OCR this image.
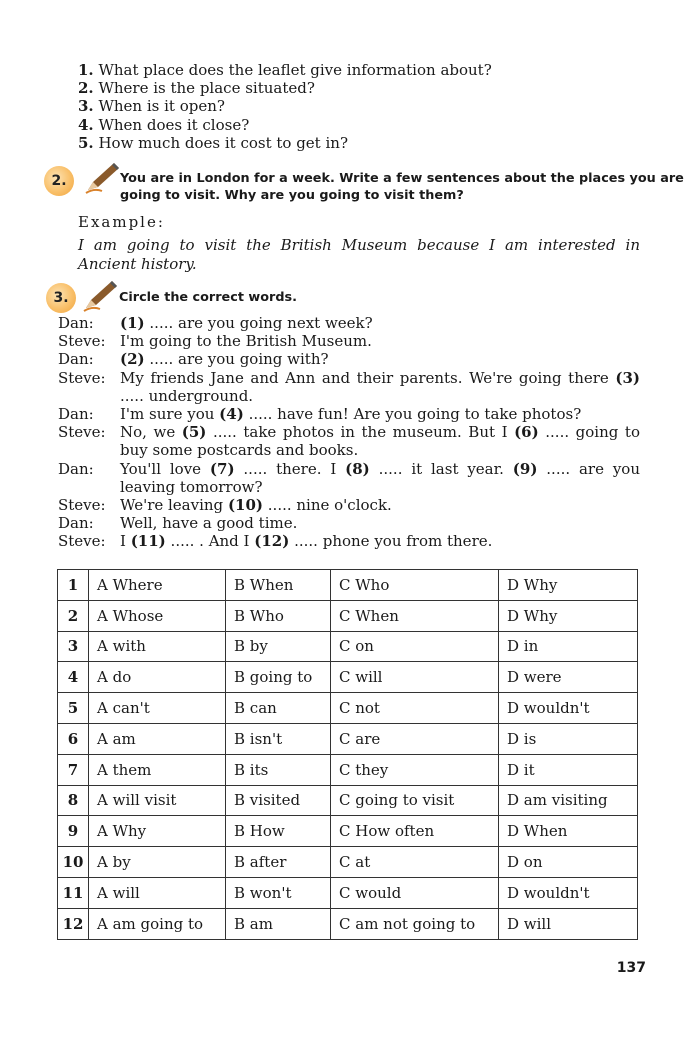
1. What place does the leaflet give information about?
2. Where is the place situated?
3. When is it open?
4. When does it close?
5. How much does it cost to get in?
2.	You are in London for a week. Write a few sentences about the places you are
going to visit. Why are you going to visit them?
Example:
I am going to visit the British Museum because I am interested in Ancient history.
3.	Circle the correct words.
Dan:	(1) ..... are you going next week?
Steve: I'm going to the British Museum.
Dan:	(2) ..... are you going with?
Steve: My friends Jane and Ann and their parents. We're going there (3) ..... underground.
Dan:	I'm sure you (4) ..... have fun! Are you going to take photos?
Steve: No, we (5) ..... take photos in the museum. But I (6) ..... going to buy some postcards and books.
Dan:	You'll love (7) ..... there. I (8) ..... it last year. (9) ..... are you leaving tomorrow?
Steve: We're leaving (10) ..... nine o'clock.
Dan:	Well, have a good time.
Steve: I (11) ..... . And I (12) ..... phone you from there.
1	A Where	B When	C Who	D Why
2	A Whose	B Who	C When	D Why
3	A with	B by	C on	D in
4	A do	B going to	C will	D were
5	A can't	B can	C not	D wouldn't
6	A am	B isn't	C are	D is
7	A them	B its	C they	D it
8	A will visit	B visited	C going to visit	D am visiting
9	A Why	B How	C How often	D When
10	A by	B after	C at	D on
11	A will	B won't	C would	D wouldn't
12	A am going to	B am	C am not going to	D will
137
